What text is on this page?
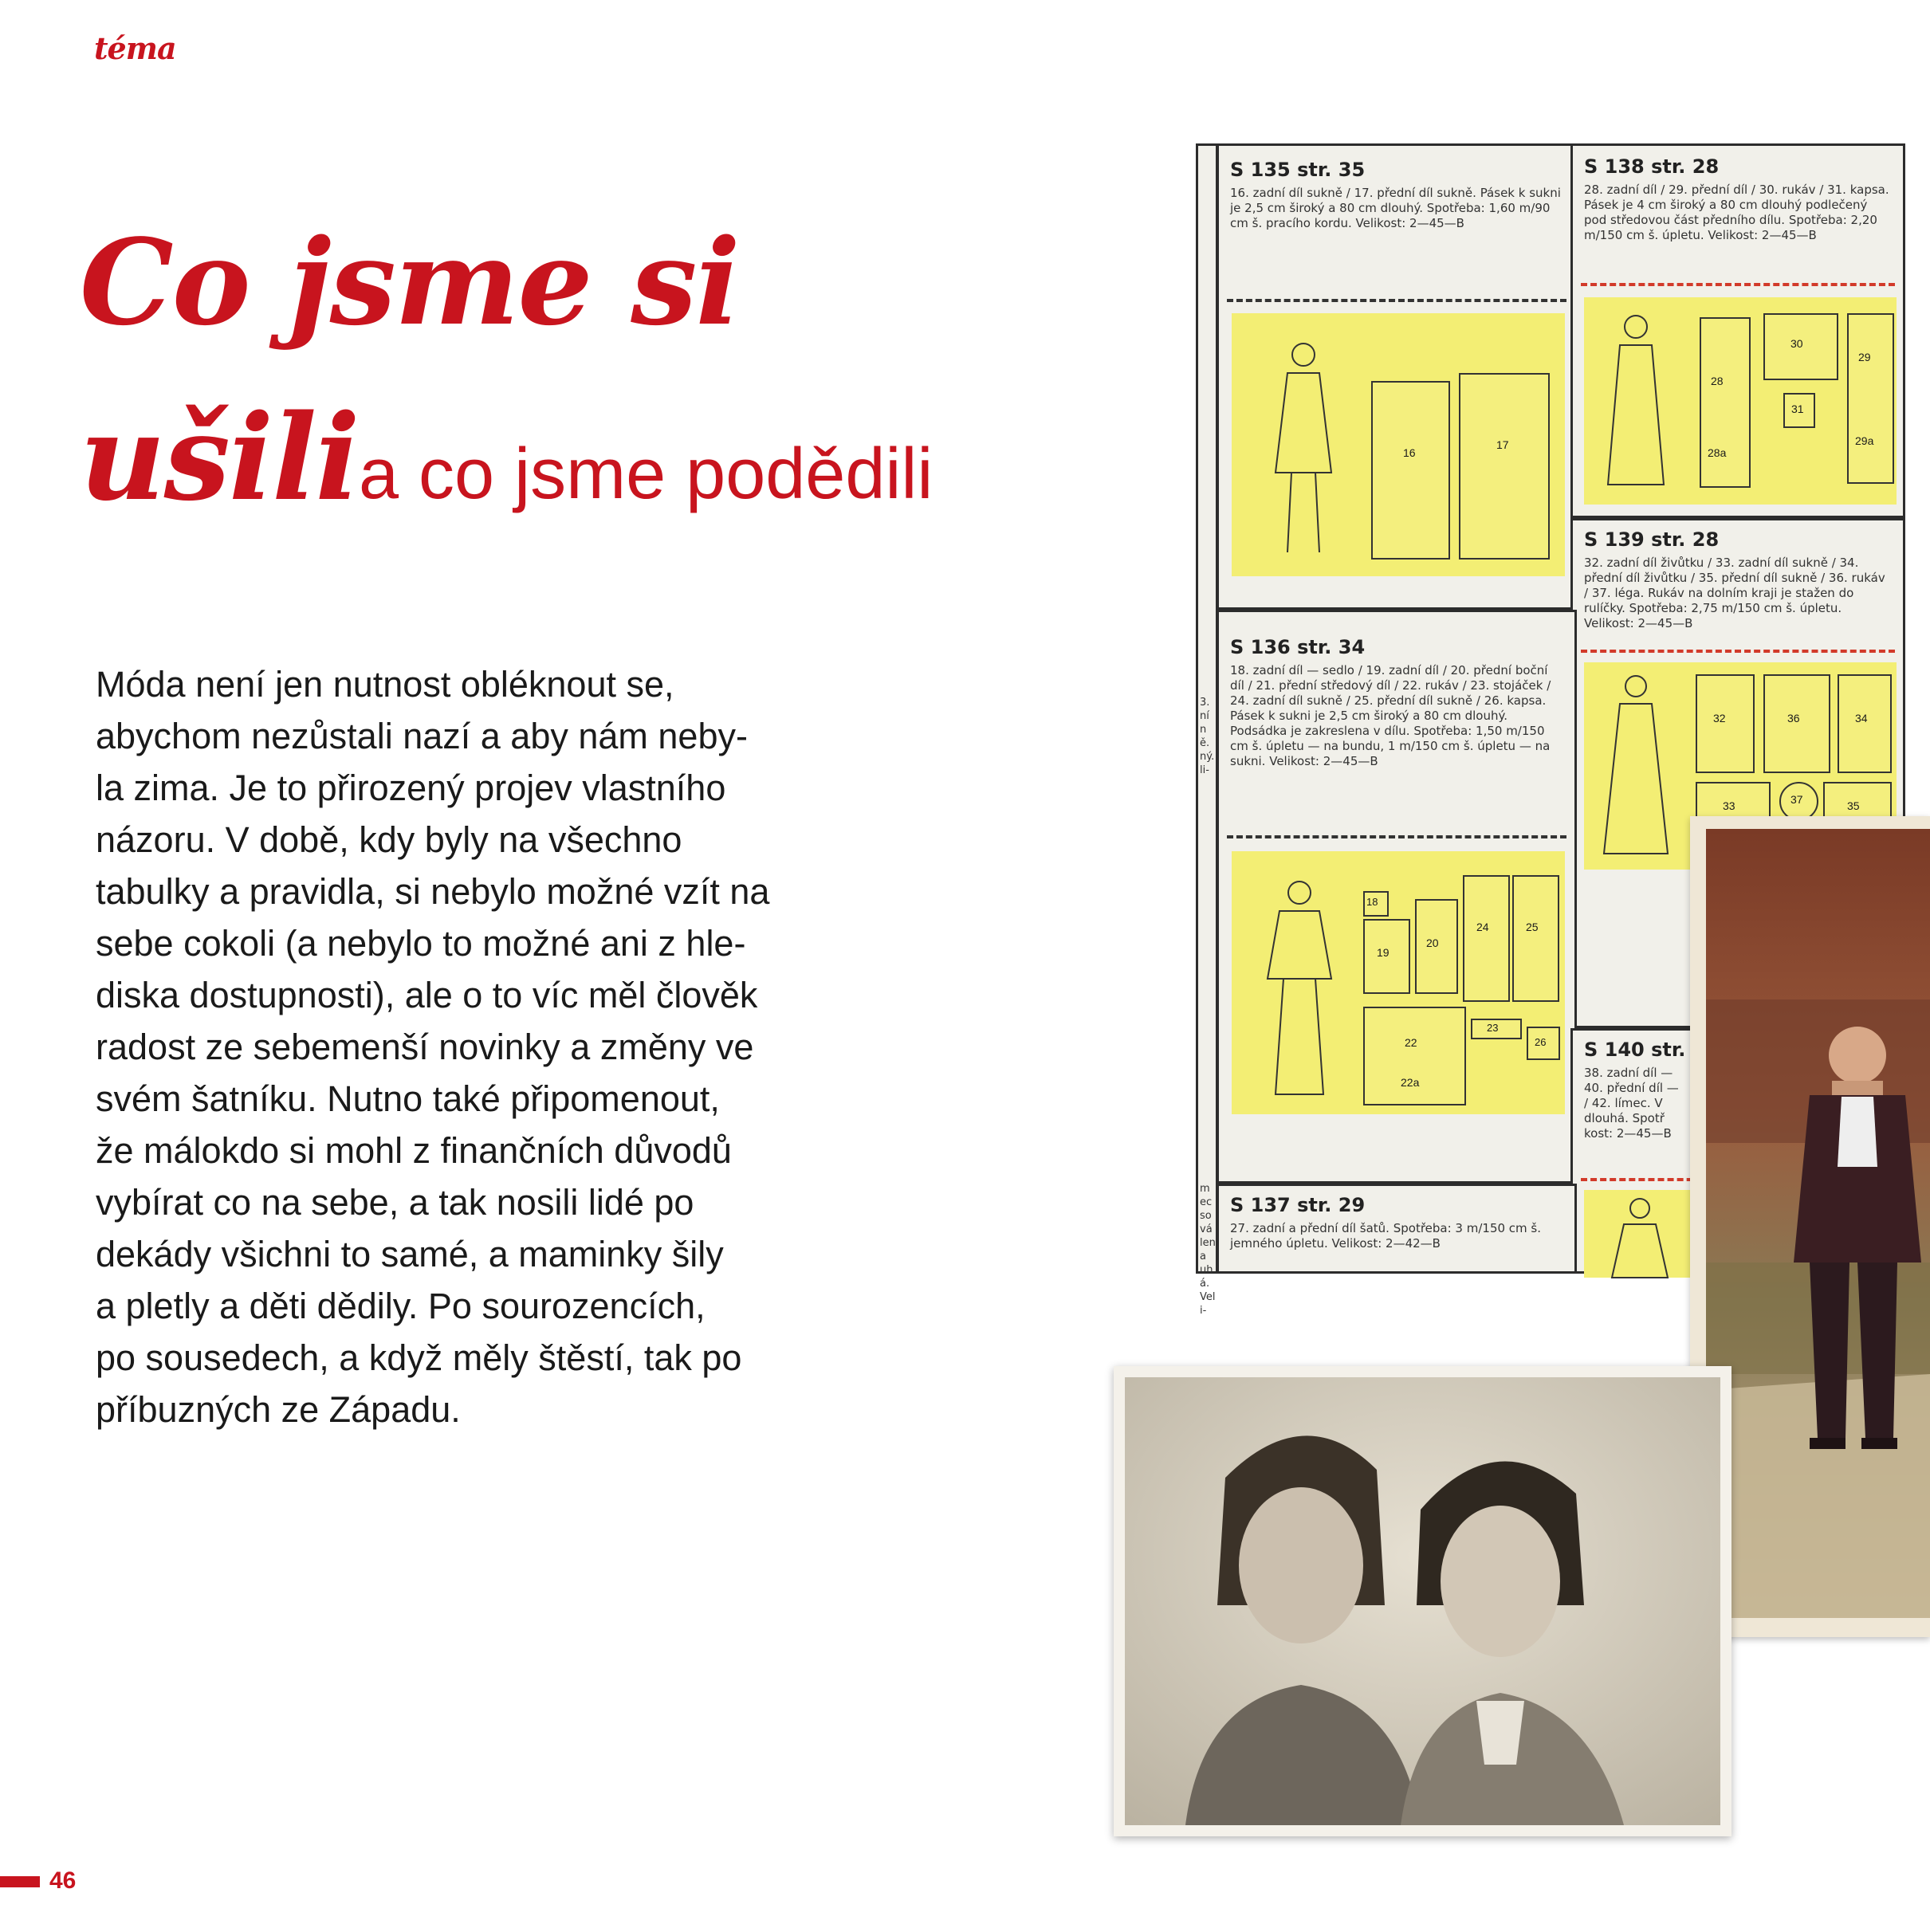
téma
Co jsme si
ušili a co jsme podědili
Móda není jen nutnost obléknout se,
abychom nezůstali nazí a aby nám neby-
la zima. Je to přirozený projev vlastního
názoru. V době, kdy byly na všechno
tabulky a pravidla, si nebylo možné vzít na
sebe cokoli (a nebylo to možné ani z hle-
diska dostupnosti), ale o to víc měl člověk
radost ze sebemenší novinky a změny ve
svém šatníku. Nutno také připomenout,
že málokdo si mohl z finančních důvodů
vybírat co na sebe, a tak nosili lidé po
dekády všichni to samé, a maminky šily
a pletly a děti dědily. Po sourozencích,
po sousedech, a když měly štěstí, tak po
příbuzných ze Západu.
3. ní ně. ný. li-
mec sová lena uhá. Veli-
S 135 str. 35
16. zadní díl sukně / 17. přední díl sukně. Pásek k sukni je 2,5 cm široký a 80 cm dlouhý. Spotřeba: 1,60 m/90 cm š. pracího kordu. Velikost: 2—45—B
16
17
S 138 str. 28
28. zadní díl / 29. přední díl / 30. rukáv / 31. kapsa. Pásek je 4 cm široký a 80 cm dlouhý podlečený pod středovou část předního dílu. Spotřeba: 2,20 m/150 cm š. úpletu. Velikost: 2—45—B
28
28a
30
31
29
29a
S 139 str. 28
32. zadní díl živůtku / 33. zadní díl sukně / 34. přední díl živůtku / 35. přední díl sukně / 36. rukáv / 37. léga. Rukáv na dolním kraji je stažen do rulíčky. Spotřeba: 2,75 m/150 cm š. úpletu. Velikost: 2—45—B
32	36	34
33	37	35
S 136 str. 34
18. zadní díl — sedlo / 19. zadní díl / 20. přední boční díl / 21. přední středový díl / 22. rukáv / 23. stojáček / 24. zadní díl sukně / 25. přední díl sukně / 26. kapsa. Pásek k sukni je 2,5 cm široký a 80 cm dlouhý. Podsádka je zakreslena v dílu. Spotřeba: 1,50 m/150 cm š. úpletu — na bundu, 1 m/150 cm š. úpletu — na sukni. Velikost: 2—45—B
18
19
20
24	25
22
22a
23
26 S 140 str.
38. zadní díl — 40. přední díl — / 42. límec. V dlouhá. Spotř kost: 2—45—B
S 137 str. 29
27. zadní a přední díl šatů. Spotřeba: 3 m/150 cm š. jemného úpletu. Velikost: 2—42—B
46
